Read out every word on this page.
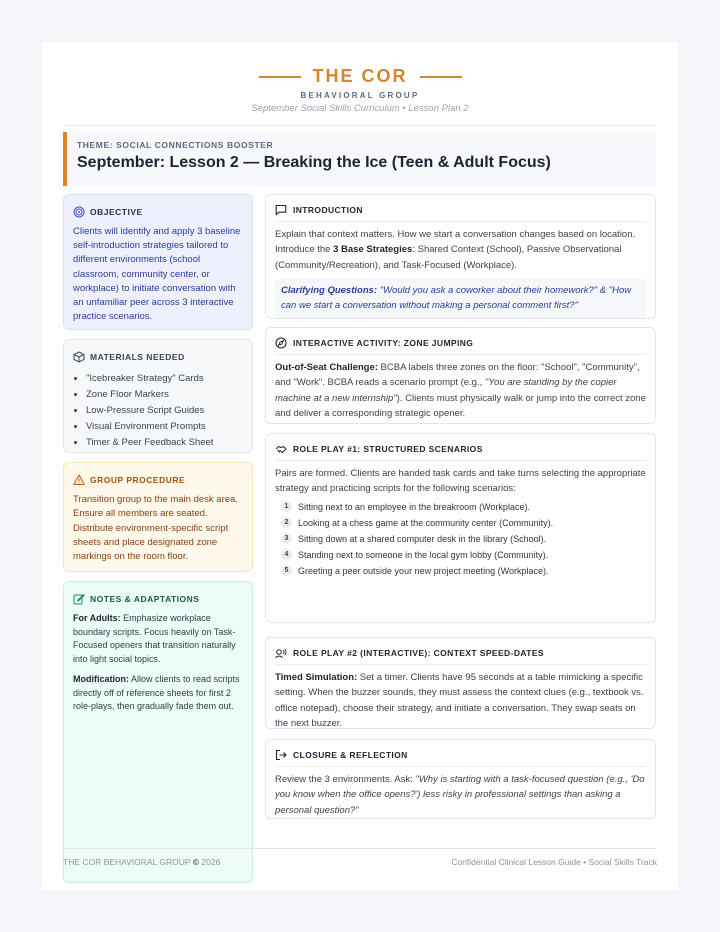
THE COR
BEHAVIORAL GROUP
September Social Skills Curriculum • Lesson Plan 2
THEME: SOCIAL CONNECTIONS BOOSTER
September: Lesson 2 — Breaking the Ice (Teen & Adult Focus)
OBJECTIVE

Clients will identify and apply 3 baseline self-introduction strategies tailored to different environments (school classroom, community center, or workplace) to initiate conversation with an unfamiliar peer across 3 interactive practice scenarios.

MATERIALS NEEDED
• "Icebreaker Strategy" Cards
• Zone Floor Markers
• Low-Pressure Script Guides
• Visual Environment Prompts
• Timer & Peer Feedback Sheet
GROUP PROCEDURE

Transition group to the main desk area. Ensure all members are seated. Distribute environment-specific script sheets and place designated zone markings on the room floor.

NOTES & ADAPTATIONS

For Adults: Emphasize workplace boundary scripts. Focus heavily on Task-Focused openers that transition naturally into light social topics.

Modification: Allow clients to read scripts directly off of reference sheets for first 2 role-plays, then gradually fade them out.

INTRODUCTION
Explain that context matters. How we start a conversation changes based on location. Introduce the 3 Base Strategies: Shared Context (School), Passive Observational (Community/Recreation), and Task-Focused (Workplace).
Clarifying Questions: "Would you ask a coworker about their homework?" & "How can we start a conversation without making a personal comment first?"
INTERACTIVE ACTIVITY: ZONE JUMPING
Out-of-Seat Challenge: BCBA labels three zones on the floor: "School", "Community", and "Work". BCBA reads a scenario prompt (e.g., "You are standing by the copier machine at a new internship"). Clients must physically walk or jump into the correct zone and deliver a corresponding strategic opener.
ROLE PLAY #1: STRUCTURED SCENARIOS
Pairs are formed. Clients are handed task cards and take turns selecting the appropriate strategy and practicing scripts for the following scenarios:
1	Sitting next to an employee in the breakroom (Workplace).
2	Looking at a chess game at the community center (Community).
3	Sitting down at a shared computer desk in the library (School).
4	Standing next to someone in the local gym lobby (Community).
5	Greeting a peer outside your new project meeting (Workplace).
ROLE PLAY #2 (INTERACTIVE): CONTEXT SPEED-DATES
Timed Simulation: Set a timer. Clients have 95 seconds at a table mimicking a specific setting. When the buzzer sounds, they must assess the context clues (e.g., textbook vs. office notepad), choose their strategy, and initiate a conversation. They swap seats on the next buzzer.
CLOSURE & REFLECTION
Review the 3 environments. Ask: "Why is starting with a task-focused question (e.g., 'Do you know when the office opens?') less risky in professional settings than asking a personal question?"
THE COR BEHAVIORAL GROUP © 2026	Confidential Clinical Lesson Guide • Social Skills Track
